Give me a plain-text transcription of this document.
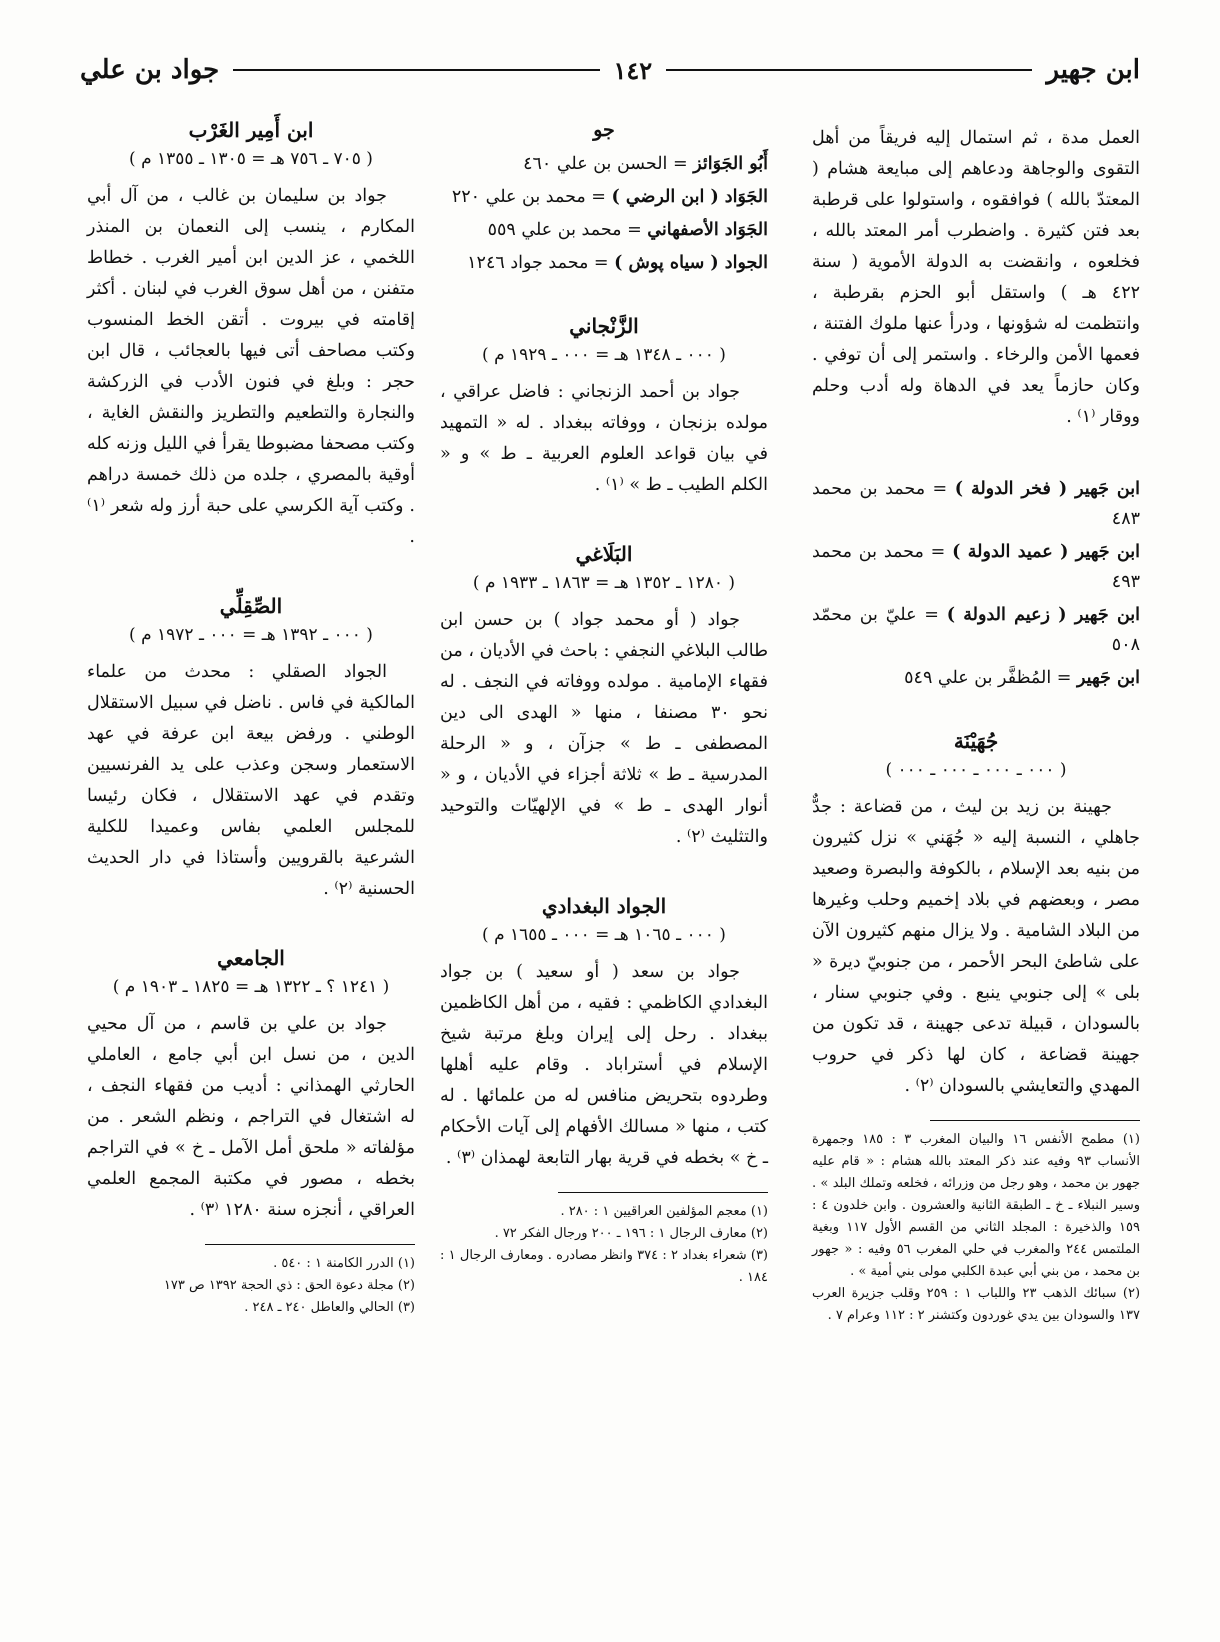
ابن جهير
١٤٢
جواد بن علي

العمل مدة ، ثم استمال إليه فريقاً من أهل التقوى والوجاهة ودعاهم إلى مبايعة هشام ( المعتدّ بالله ) فوافقوه ، واستولوا على قرطبة بعد فتن كثيرة . واضطرب أمر المعتد بالله ، فخلعوه ، وانقضت به الدولة الأموية ( سنة ٤٢٢ هـ ) واستقل أبو الحزم بقرطبة ، وانتظمت له شؤونها ، ودرأ عنها ملوك الفتنة ، فعمها الأمن والرخاء . واستمر إلى أن توفي . وكان حازماً يعد في الدهاة وله أدب وحلم ووقار ⁽١⁾ .

ابن جَهير ( فخر الدولة ) = محمد بن محمد ٤٨٣
ابن جَهير ( عميد الدولة ) = محمد بن محمد ٤٩٣
ابن جَهير ( زعيم الدولة ) = عليّ بن محمّد ٥٠٨
ابن جَهير = المُظفَّر بن علي ٥٤٩
جُهَيْنَة
( ٠٠٠ ـ ٠٠٠ ـ ٠٠٠ ـ ٠٠٠ )

جهينة بن زيد بن ليث ، من قضاعة : جدٌّ جاهلي ، النسبة إليه « جُهَني » نزل كثيرون من بنيه بعد الإسلام ، بالكوفة والبصرة وصعيد مصر ، وبعضهم في بلاد إخميم وحلب وغيرها من البلاد الشامية . ولا يزال منهم كثيرون الآن على شاطئ البحر الأحمر ، من جنوبيّ ديرة « بلى » إلى جنوبي ينبع . وفي جنوبي سنار ، بالسودان ، قبيلة تدعى جهينة ، قد تكون من جهينة قضاعة ، كان لها ذكر في حروب المهدي والتعايشي بالسودان ⁽٢⁾ .

(١) مطمح الأنفس ١٦ والبيان المغرب ٣ : ١٨٥ وجمهرة الأنساب ٩٣ وفيه عند ذكر المعتد بالله هشام : « قام عليه جهور بن محمد ، وهو رجل من وزرائه ، فخلعه وتملك البلد » . وسير النبلاء ـ خ ـ الطبقة الثانية والعشرون . وابن خلدون ٤ : ١٥٩ والذخيرة : المجلد الثاني من القسم الأول ١١٧ وبغية الملتمس ٢٤٤ والمغرب في حلي المغرب ٥٦ وفيه : « جهور بن محمد ، من بني أبي عبدة الكلبي مولى بني أمية » .

(٢) سبائك الذهب ٢٣ واللباب ١ : ٢٥٩ وقلب جزيرة العرب ١٣٧ والسودان بين يدي غوردون وكتشنر ٢ : ١١٢ وعرام ٧ .

جو
أَبُو الجَوَائز = الحسن بن علي ٤٦٠
الجَوَاد ( ابن الرضي ) = محمد بن علي ٢٢٠
الجَوَاد الأصفهاني = محمد بن علي ٥٥٩
الجواد ( سياه پوش ) = محمد جواد ١٢٤٦
الزَّنْجاني
( ٠٠٠ ـ ١٣٤٨ هـ = ٠٠٠ ـ ١٩٢٩ م )

جواد بن أحمد الزنجاني : فاضل عراقي ، مولده بزنجان ، ووفاته ببغداد . له « التمهيد في بيان قواعد العلوم العربية ـ ط » و « الكلم الطيب ـ ط » ⁽١⁾ .

البَلَاغي
( ١٢٨٠ ـ ١٣٥٢ هـ = ١٨٦٣ ـ ١٩٣٣ م )

جواد ( أو محمد جواد ) بن حسن ابن طالب البلاغي النجفي : باحث في الأديان ، من فقهاء الإمامية . مولده ووفاته في النجف . له نحو ٣٠ مصنفا ، منها « الهدى الى دين المصطفى ـ ط » جزآن ، و « الرحلة المدرسية ـ ط » ثلاثة أجزاء في الأديان ، و « أنوار الهدى ـ ط » في الإلهيّات والتوحيد والتثليث ⁽٢⁾ .

الجواد البغدادي
( ٠٠٠ ـ ١٠٦٥ هـ = ٠٠٠ ـ ١٦٥٥ م )

جواد بن سعد ( أو سعيد ) بن جواد البغدادي الكاظمي : فقيه ، من أهل الكاظمين ببغداد . رحل إلى إيران وبلغ مرتبة شيخ الإسلام في أستراباد . وقام عليه أهلها وطردوه بتحريض منافس له من علمائها . له كتب ، منها « مسالك الأفهام إلى آيات الأحكام ـ خ » بخطه في قرية بهار التابعة لهمذان ⁽٣⁾ .

(١) معجم المؤلفين العراقيين ١ : ٢٨٠ .

(٢) معارف الرجال ١ : ١٩٦ ـ ٢٠٠ ورجال الفكر ٧٢ .

(٣) شعراء بغداد ٢ : ٣٧٤ وانظر مصادره . ومعارف الرجال ١ : ١٨٤ .

ابن أَمِير الغَرْب
( ٧٠٥ ـ ٧٥٦ هـ = ١٣٠٥ ـ ١٣٥٥ م )

جواد بن سليمان بن غالب ، من آل أبي المكارم ، ينسب إلى النعمان بن المنذر اللخمي ، عز الدين ابن أمير الغرب . خطاط متفنن ، من أهل سوق الغرب في لبنان . أكثر إقامته في بيروت . أتقن الخط المنسوب وكتب مصاحف أتى فيها بالعجائب ، قال ابن حجر : وبلغ في فنون الأدب في الزركشة والنجارة والتطعيم والتطريز والنقش الغاية ، وكتب مصحفا مضبوطا يقرأ في الليل وزنه كله أوقية بالمصري ، جلده من ذلك خمسة دراهم . وكتب آية الكرسي على حبة أرز وله شعر ⁽١⁾ .

الصِّقِلِّي
( ٠٠٠ ـ ١٣٩٢ هـ = ٠٠٠ ـ ١٩٧٢ م )

الجواد الصقلي : محدث من علماء المالكية في فاس . ناضل في سبيل الاستقلال الوطني . ورفض بيعة ابن عرفة في عهد الاستعمار وسجن وعذب على يد الفرنسيين وتقدم في عهد الاستقلال ، فكان رئيسا للمجلس العلمي بفاس وعميدا للكلية الشرعية بالقرويين وأستاذا في دار الحديث الحسنية ⁽٢⁾ .

الجامعي
( ١٢٤١ ؟ ـ ١٣٢٢ هـ = ١٨٢٥ ـ ١٩٠٣ م )

جواد بن علي بن قاسم ، من آل محيي الدين ، من نسل ابن أبي جامع ، العاملي الحارثي الهمذاني : أديب من فقهاء النجف ، له اشتغال في التراجم ، ونظم الشعر . من مؤلفاته « ملحق أمل الآمل ـ خ » في التراجم بخطه ، مصور في مكتبة المجمع العلمي العراقي ، أنجزه سنة ١٢٨٠ ⁽٣⁾ .

(١) الدرر الكامنة ١ : ٥٤٠ .

(٢) مجلة دعوة الحق : ذي الحجة ١٣٩٢ ص ١٧٣

(٣) الحالي والعاطل ٢٤٠ ـ ٢٤٨ .
